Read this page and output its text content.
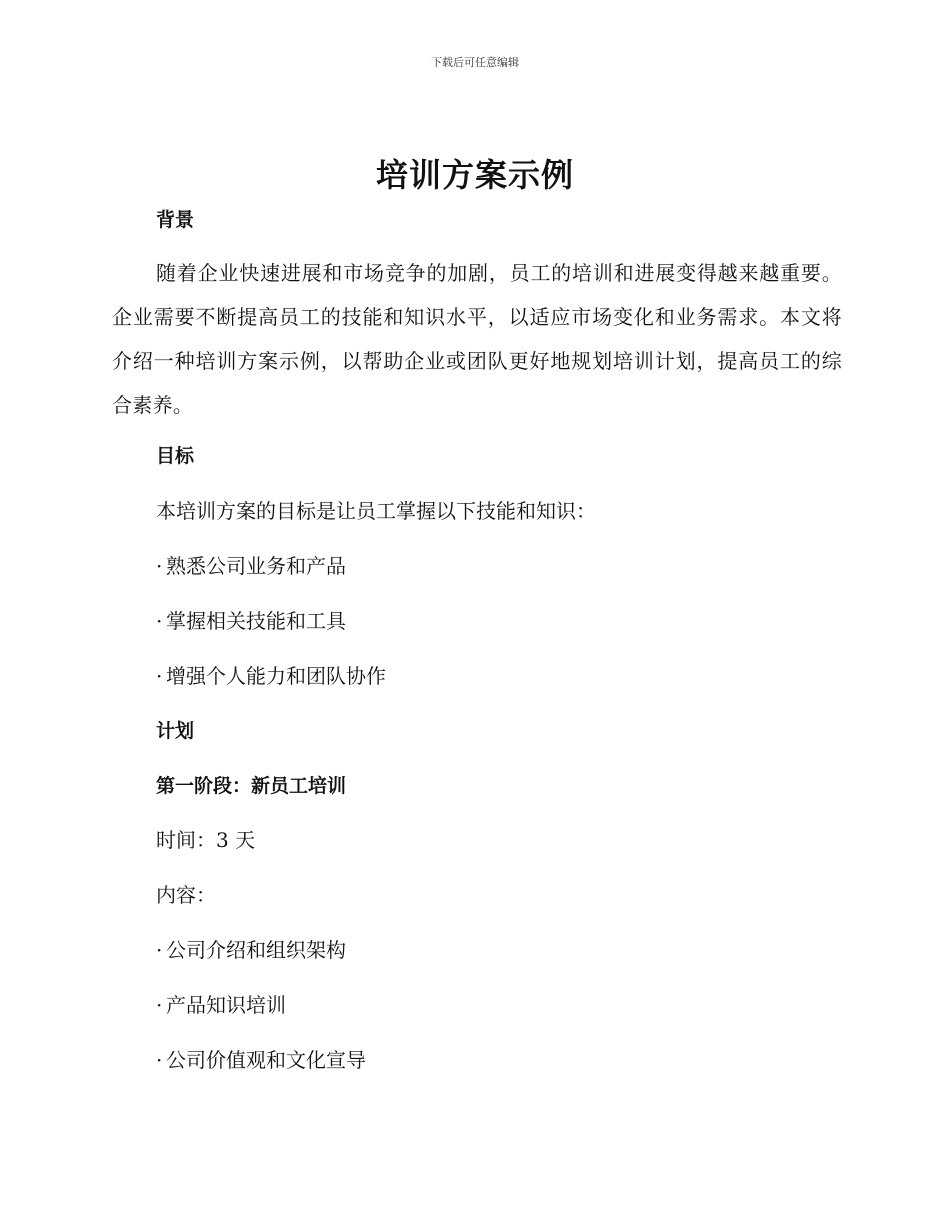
下载后可任意编辑
培训方案示例
背景
随着企业快速进展和市场竞争的加剧，员工的培训和进展变得越来越重要。企业需要不断提高员工的技能和知识水平，以适应市场变化和业务需求。本文将介绍一种培训方案示例，以帮助企业或团队更好地规划培训计划，提高员工的综合素养。
目标
本培训方案的目标是让员工掌握以下技能和知识：
· 熟悉公司业务和产品
· 掌握相关技能和工具
· 增强个人能力和团队协作
计划
第一阶段：新员工培训
时间：3 天
内容：
· 公司介绍和组织架构
· 产品知识培训
· 公司价值观和文化宣导
